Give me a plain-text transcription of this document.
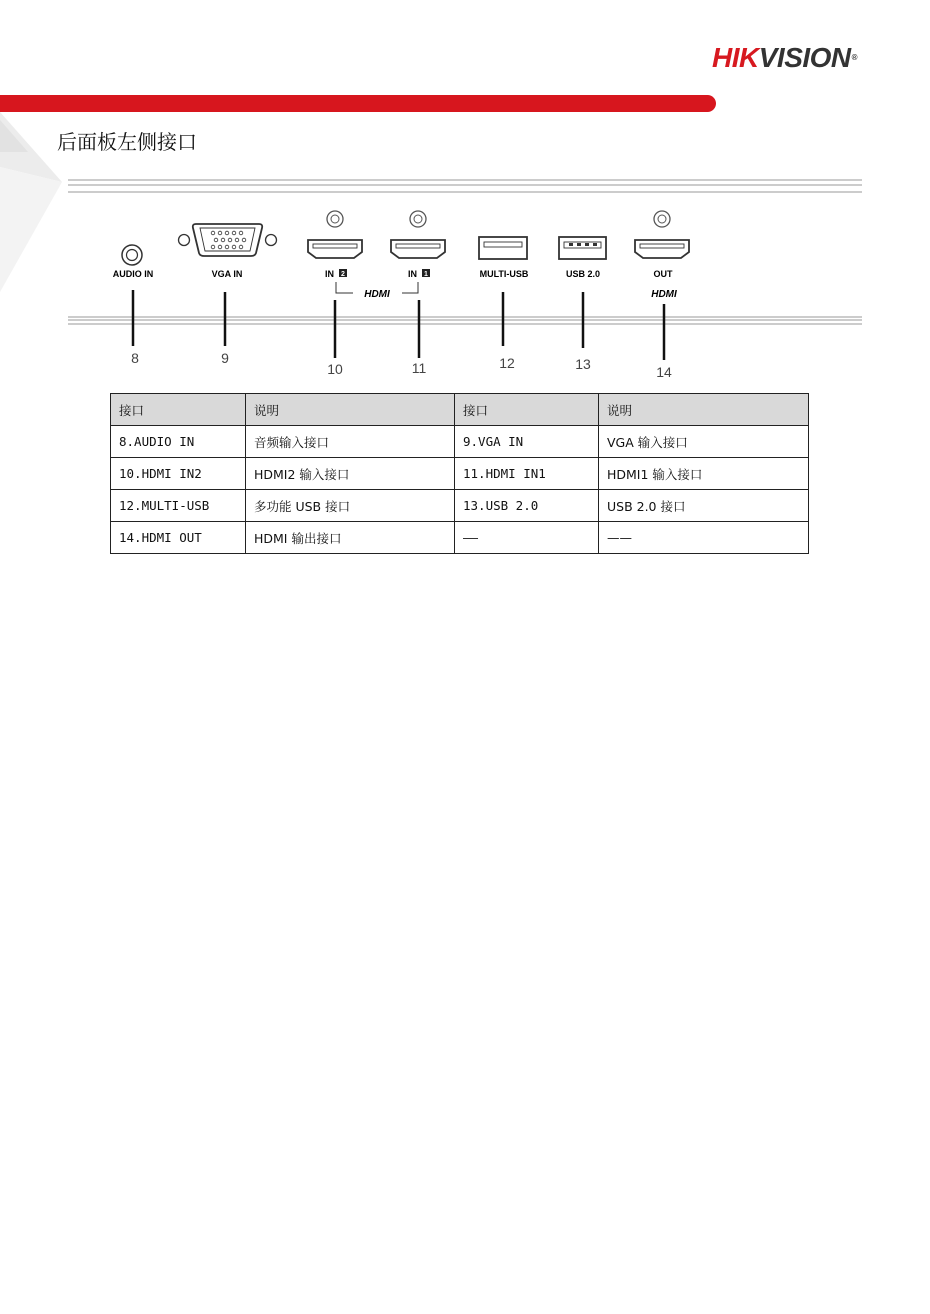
HIKVISION®
后面板左侧接口
AUDIO IN
8
VGA IN
9
IN 2
10
HDMI
IN 1
11
MULTI-USB
12
USB 2.0
13
OUT
HDMI
14
接口	说明	接口	说明
8.AUDIO IN	音频输入接口	9.VGA IN	VGA 输入接口
10.HDMI IN2	HDMI2 输入接口	11.HDMI IN1	HDMI1 输入接口
12.MULTI-USB	多功能 USB 接口	13.USB 2.0	USB 2.0 接口
14.HDMI OUT	HDMI 输出接口	——	——
